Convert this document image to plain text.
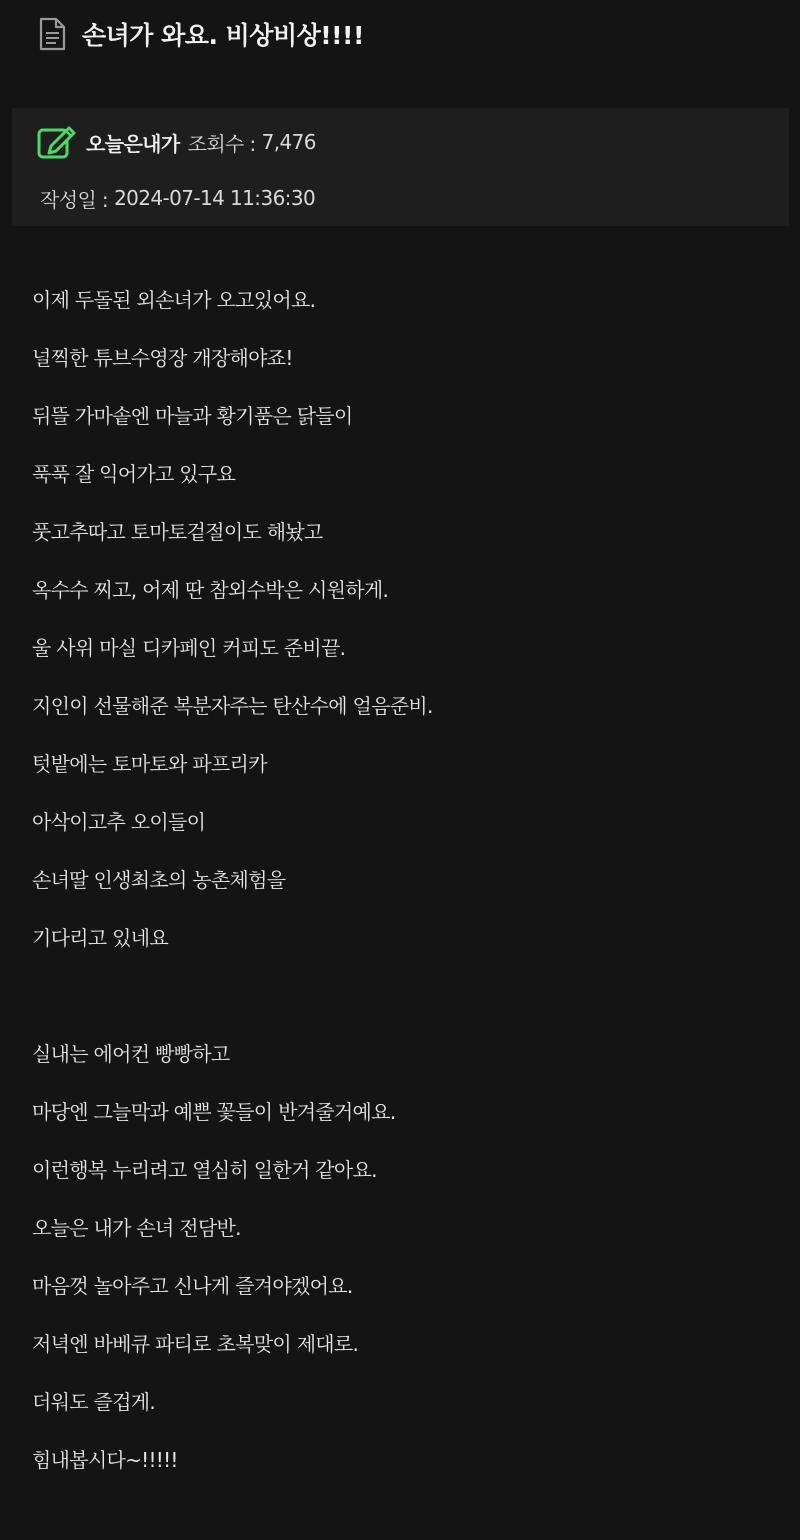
손녀가 와요. 비상비상!!!!
오늘은내가 조회수 : 7,476
작성일 : 2024-07-14 11:36:30
이제 두돌된 외손녀가 오고있어요.
널찍한 튜브수영장 개장해야죠!
뒤뜰 가마솥엔 마늘과 황기품은 닭들이
푹푹 잘 익어가고 있구요
풋고추따고 토마토겉절이도 해놨고
옥수수 찌고, 어제 딴 참외수박은 시원하게.
울 사위 마실 디카페인 커피도 준비끝.
지인이 선물해준 복분자주는 탄산수에 얼음준비.
텃밭에는 토마토와 파프리카
아삭이고추 오이들이
손녀딸 인생최초의 농촌체험을
기다리고 있네요
실내는 에어컨 빵빵하고
마당엔 그늘막과 예쁜 꽃들이 반겨줄거예요.
이런행복 누리려고 열심히 일한거 같아요.
오늘은 내가 손녀 전담반.
마음껏 놀아주고 신나게 즐겨야겠어요.
저녁엔 바베큐 파티로 초복맞이 제대로.
더워도 즐겁게.
힘내봅시다~!!!!!
